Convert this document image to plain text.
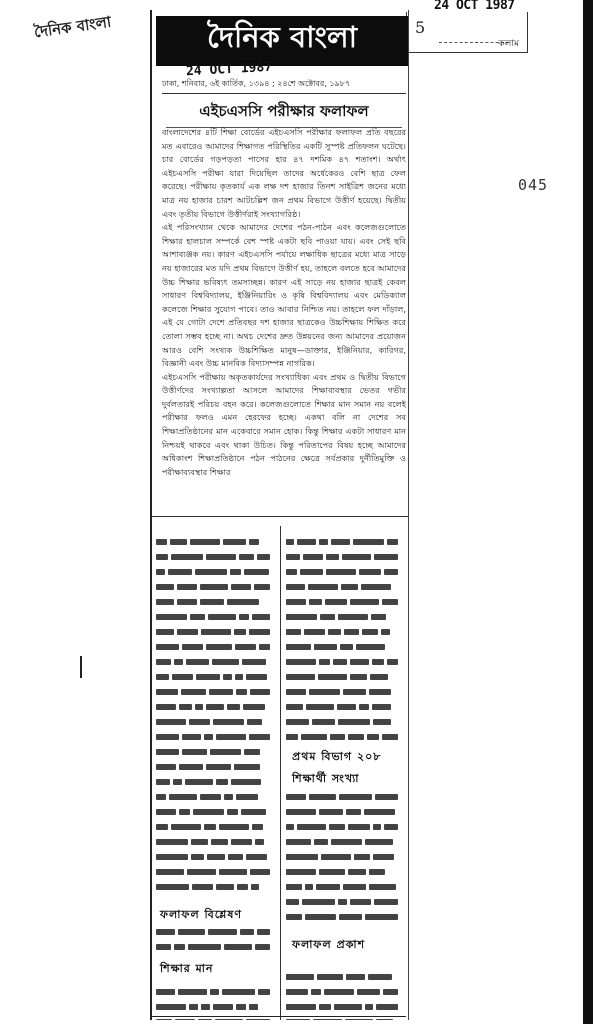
দৈনিক বাংলা
045
24 OCT 1987
5
কলাম
দৈনিক বাংলা
24 OCT 1987
ঢাকা, শনিবার, ৬ই কার্তিক, ১৩৯৪ ; ২৪শে অক্টোবর, ১৯৮৭
এইচএসসি পরীক্ষার ফলাফল

বাংলাদেশের ৪টি শিক্ষা বোর্ডের এইচএসসি পরীক্ষার ফলাফল প্রতি বছরের মত এবারেও আমাদের শিক্ষাগত পরিস্থিতির একটি সুস্পষ্ট প্রতিফলন ঘটেছে। চার বোর্ডের গড়পড়তা পাসের হার ৪৭ দশমিক ৪৭ শতাংশ। অর্থাৎ এইচএসসি পরীক্ষা যারা দিয়েছিল তাদের অর্ধেকেরও বেশি ছাত্র ফেল করেছে। পরীক্ষায় কৃতকার্য এক লক্ষ দশ হাজার তিনশ সাইত্রিশ জনের মধ্যে মাত্র নয় হাজার চারশ আটচল্লিশ জন প্রথম বিভাগে উত্তীর্ণ হয়েছে। দ্বিতীয় এবং তৃতীয় বিভাগে উত্তীর্ণরাই সংখ্যাগরিষ্ঠ।

এই পরিসংখ্যান থেকে আমাদের দেশের পঠন-পাঠন এবং কলেজগুলোতে শিক্ষার হালচাল সম্পর্কে বেশ স্পষ্ট একটা ছবি পাওয়া যায়। এবং সেই ছবি আশাব্যঞ্জক নয়। কারণ এইচএসসি পর্যায়ে লক্ষাধিক ছাত্রের মধ্যে মাত্র সাড়ে নয় হাজারের মত যদি প্রথম বিভাগে উত্তীর্ণ হয়, তাহলে বলতে হবে আমাদের উচ্চ শিক্ষার ভবিষ্যৎ তমসাচ্ছন্ন। কারণ এই সাড়ে নয় হাজার ছাত্রই কেবল সাধারণ বিশ্ববিদ্যালয়, ইঞ্জিনিয়ারিং ও কৃষি বিশ্ববিদ্যালয় এবং মেডিক্যাল কলেজে শিক্ষার সুযোগ পাবে। তাও আবার নিশ্চিত নয়। তাহলে ফল দাঁড়াল, এই যে গোটা দেশে প্রতিবছর দশ হাজার ছাত্রকেও উচ্চশিক্ষায় শিক্ষিত করে তোলা সম্ভব হচ্ছে না। অথচ দেশের দ্রুত উন্নয়নের জন্য আমাদের প্রয়োজন আরও বেশি সংখ্যক উচ্চশিক্ষিত মানুষ—ডাক্তার, ইঞ্জিনিয়ার, কারিগর, বিজ্ঞানী এবং উচ্চ মানবিক বিদ্যাসম্পন্ন নাগরিক।

এইচএসসি পরীক্ষায় অকৃতকার্যদের সংখ্যাধিক্য এবং প্রথম ও দ্বিতীয় বিভাগে উত্তীর্ণদের সংখ্যাল্পতা আসলে আমাদের শিক্ষাব্যবস্থার ভেতর গভীর দুর্বলতারই পরিচয় বহন করে। কলেজগুলোতে শিক্ষার মান সমান নয় বলেই পরীক্ষার ফলও এমন হেরফের হচ্ছে। একথা বলি না দেশের সব শিক্ষাপ্রতিষ্ঠানের মান একেবারে সমান হোক। কিন্তু শিক্ষার একটা সাধারণ মান নিশ্চয়ই থাকবে এবং থাকা উচিত। কিন্তু পরিতাপের বিষয় হচ্ছে আমাদের অধিকাংশ শিক্ষাপ্রতিষ্ঠানে পঠন পাঠনের ক্ষেত্রে সর্বপ্রকার দুর্নীতিমুক্তি ও পরীক্ষাব্যবস্থার শিক্ষার

ফলাফল বিশ্লেষণ
শিক্ষার মান
প্রথম বিভাগ ২০৮
শিক্ষার্থী সংখ্যা
ফলাফল প্রকাশ
